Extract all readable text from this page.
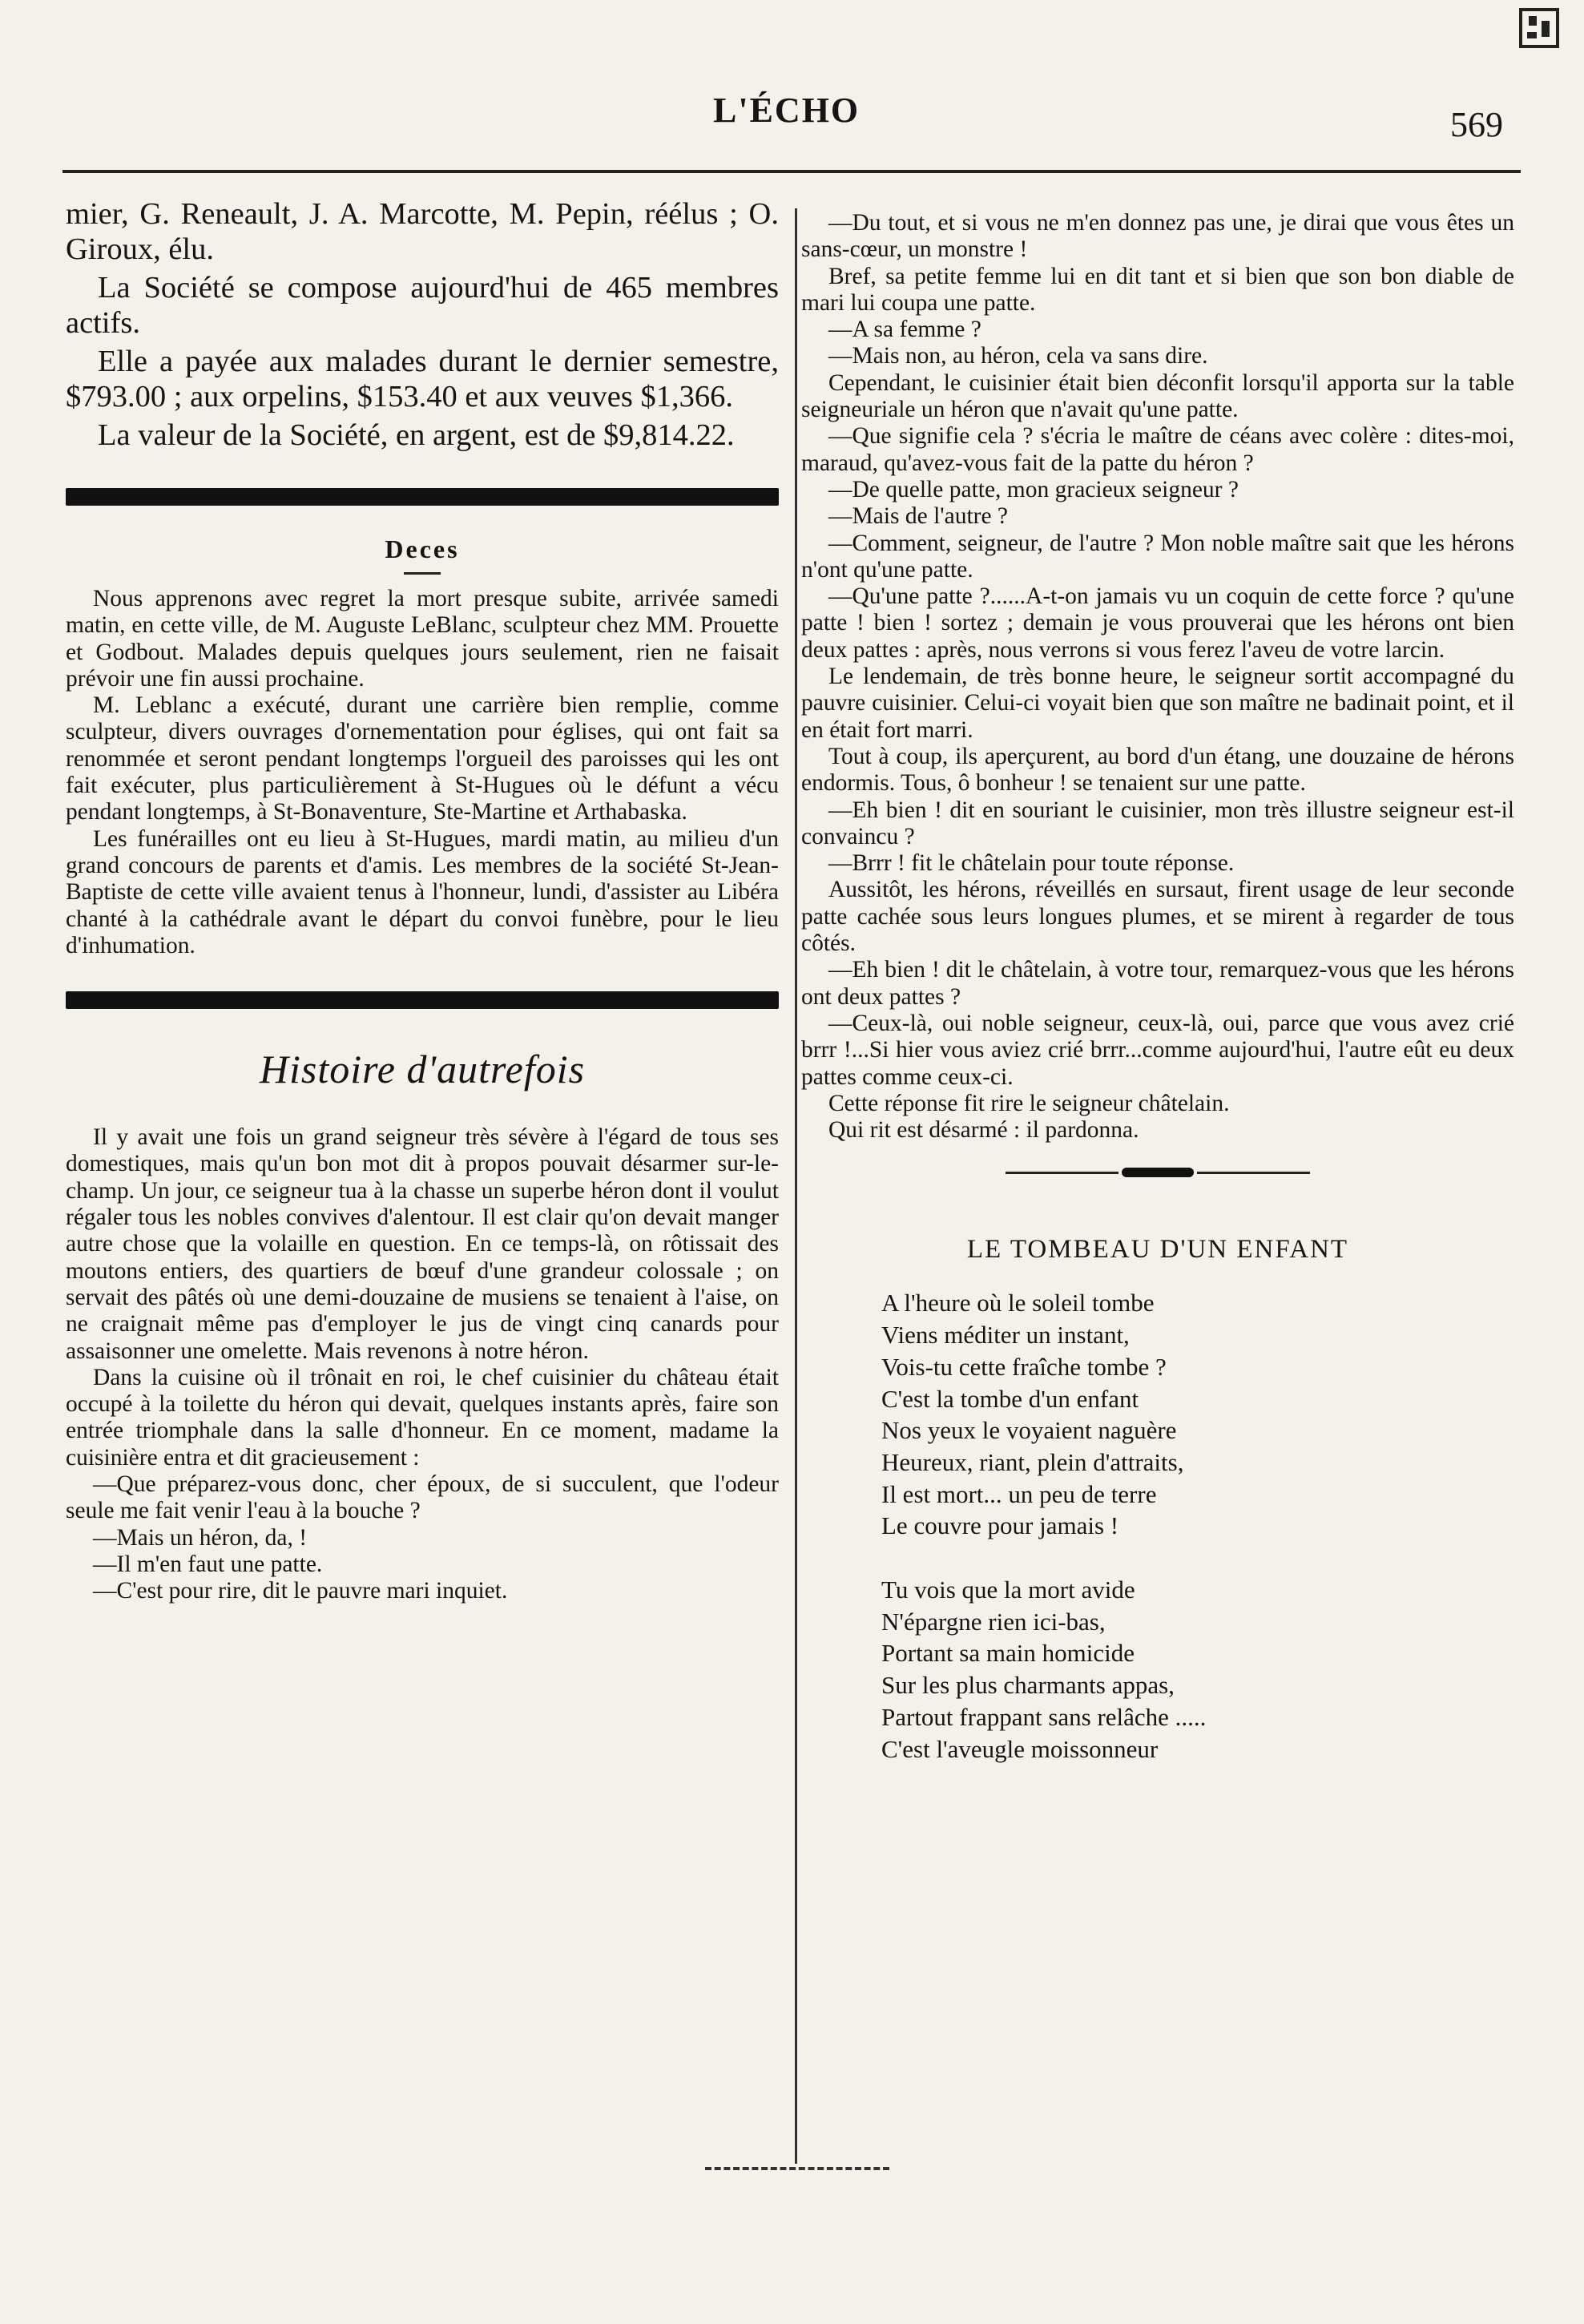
L'ÉCHO	569

mier, G. Reneault, J. A. Marcotte, M. Pepin, réélus ; O. Giroux, élu.

La Société se compose aujourd'hui de 465 membres actifs.

Elle a payée aux malades durant le dernier semestre, $793.00 ; aux orpelins, $153.40 et aux veuves $1,366.

La valeur de la Société, en argent, est de $9,814.22.

Deces

Nous apprenons avec regret la mort presque subite, arrivée samedi matin, en cette ville, de M. Auguste LeBlanc, sculpteur chez MM. Prouette et Godbout. Malades depuis quelques jours seulement, rien ne faisait prévoir une fin aussi prochaine.

M. Leblanc a exécuté, durant une carrière bien remplie, comme sculpteur, divers ouvrages d'ornementation pour églises, qui ont fait sa renommée et seront pendant longtemps l'orgueil des paroisses qui les ont fait exécuter, plus particulièrement à St-Hugues où le défunt a vécu pendant longtemps, à St-Bonaventure, Ste-Martine et Arthabaska.

Les funérailles ont eu lieu à St-Hugues, mardi matin, au milieu d'un grand concours de parents et d'amis. Les membres de la société St-Jean-Baptiste de cette ville avaient tenus à l'honneur, lundi, d'assister au Libéra chanté à la cathédrale avant le départ du convoi funèbre, pour le lieu d'inhumation.

Histoire d'autrefois

Il y avait une fois un grand seigneur très sévère à l'égard de tous ses domestiques, mais qu'un bon mot dit à propos pouvait désarmer sur-le-champ. Un jour, ce seigneur tua à la chasse un superbe héron dont il voulut régaler tous les nobles convives d'alentour. Il est clair qu'on devait manger autre chose que la volaille en question. En ce temps-là, on rôtissait des moutons entiers, des quartiers de bœuf d'une grandeur colossale ; on servait des pâtés où une demi-douzaine de musiens se tenaient à l'aise, on ne craignait même pas d'employer le jus de vingt cinq canards pour assaisonner une omelette. Mais revenons à notre héron.

Dans la cuisine où il trônait en roi, le chef cuisinier du château était occupé à la toilette du héron qui devait, quelques instants après, faire son entrée triomphale dans la salle d'honneur. En ce moment, madame la cuisinière entra et dit gracieusement :

—Que préparez-vous donc, cher époux, de si succulent, que l'odeur seule me fait venir l'eau à la bouche ?

—Mais un héron, da, !

—Il m'en faut une patte.

—C'est pour rire, dit le pauvre mari inquiet.

—Du tout, et si vous ne m'en donnez pas une, je dirai que vous êtes un sans-cœur, un monstre !

Bref, sa petite femme lui en dit tant et si bien que son bon diable de mari lui coupa une patte.

—A sa femme ?

—Mais non, au héron, cela va sans dire.

Cependant, le cuisinier était bien déconfit lorsqu'il apporta sur la table seigneuriale un héron que n'avait qu'une patte.

—Que signifie cela ? s'écria le maître de céans avec colère : dites-moi, maraud, qu'avez-vous fait de la patte du héron ?

—De quelle patte, mon gracieux seigneur ?

—Mais de l'autre ?

—Comment, seigneur, de l'autre ? Mon noble maître sait que les hérons n'ont qu'une patte.

—Qu'une patte ?......A-t-on jamais vu un coquin de cette force ? qu'une patte ! bien ! sortez ; demain je vous prouverai que les hérons ont bien deux pattes : après, nous verrons si vous ferez l'aveu de votre larcin.

Le lendemain, de très bonne heure, le seigneur sortit accompagné du pauvre cuisinier. Celui-ci voyait bien que son maître ne badinait point, et il en était fort marri.

Tout à coup, ils aperçurent, au bord d'un étang, une douzaine de hérons endormis. Tous, ô bonheur ! se tenaient sur une patte.

—Eh bien ! dit en souriant le cuisinier, mon très illustre seigneur est-il convaincu ?

—Brrr ! fit le châtelain pour toute réponse.

Aussitôt, les hérons, réveillés en sursaut, firent usage de leur seconde patte cachée sous leurs longues plumes, et se mirent à regarder de tous côtés.

—Eh bien ! dit le châtelain, à votre tour, remarquez-vous que les hérons ont deux pattes ?

—Ceux-là, oui noble seigneur, ceux-là, oui, parce que vous avez crié brrr !...Si hier vous aviez crié brrr...comme aujourd'hui, l'autre eût eu deux pattes comme ceux-ci.

Cette réponse fit rire le seigneur châtelain.

Qui rit est désarmé : il pardonna.

LE TOMBEAU D'UN ENFANT
A l'heure où le soleil tombe
Viens méditer un instant,
Vois-tu cette fraîche tombe ?
C'est la tombe d'un enfant
Nos yeux le voyaient naguère
Heureux, riant, plein d'attraits,
Il est mort... un peu de terre
Le couvre pour jamais !
Tu vois que la mort avide
N'épargne rien ici-bas,
Portant sa main homicide
Sur les plus charmants appas,
Partout frappant sans relâche .....
C'est l'aveugle moissonneur
